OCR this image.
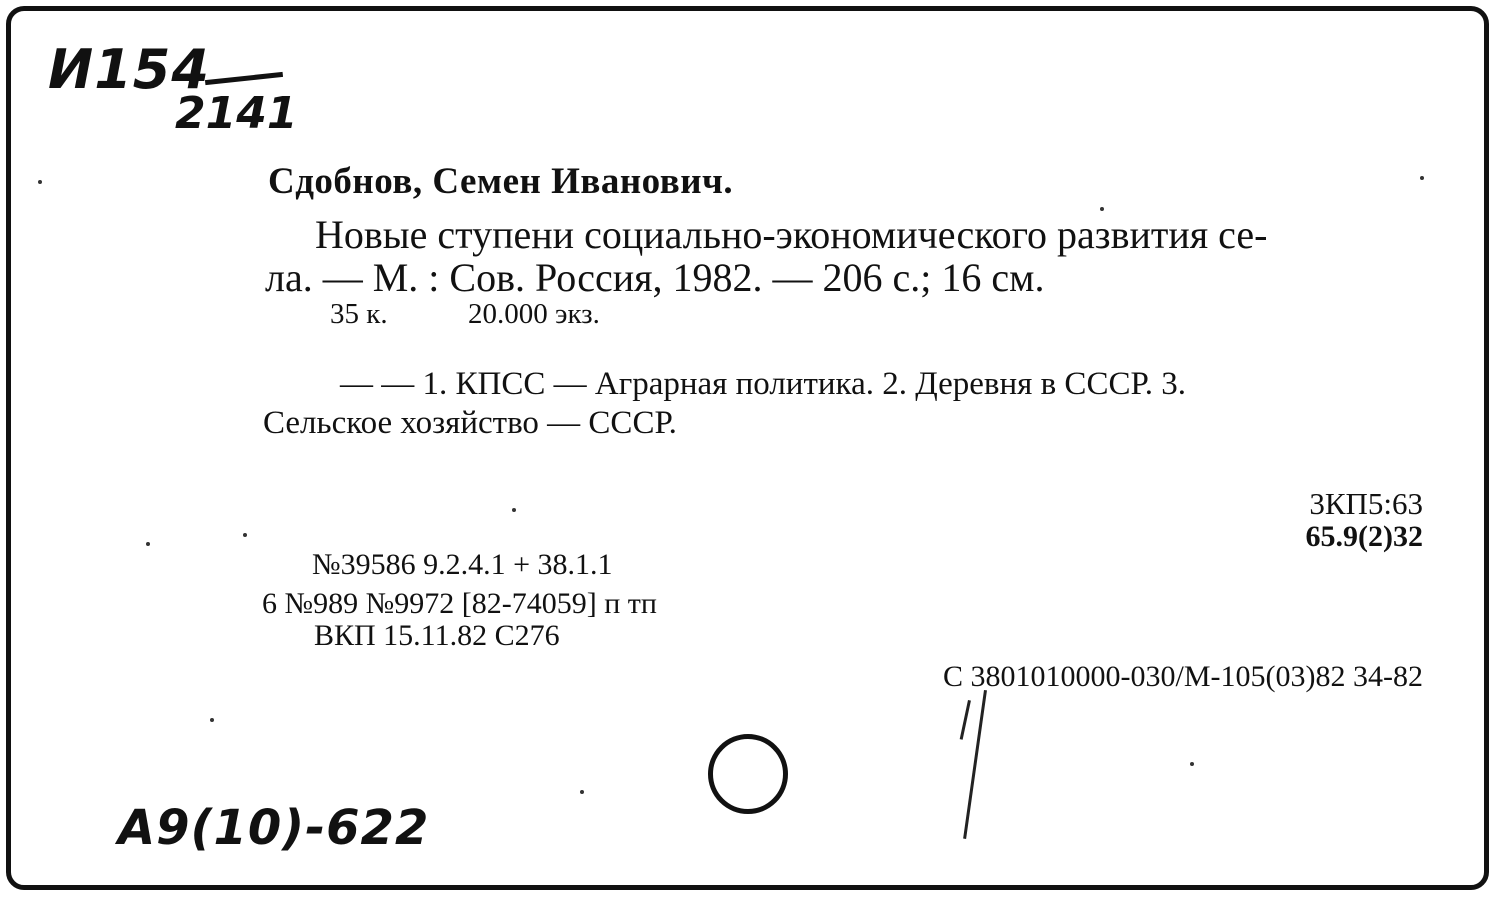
И154
2141
Сдобнов, Семен Иванович.
Новые ступени социально-экономического развития се-
ла. — М. : Сов. Россия, 1982. — 206 с.; 16 см.
35 к.	20.000 экз.
— — 1. КПСС — Аграрная политика. 2. Деревня в СССР. 3.
Сельское хозяйство — СССР.
3КП5:63
65.9(2)32
№39586 9.2.4.1 + 38.1.1
6 №989 №9972 [82-74059] п тп
ВКП 15.11.82 С276
С 3801010000-030/М-105(03)82 34-82
А9(10)-622
